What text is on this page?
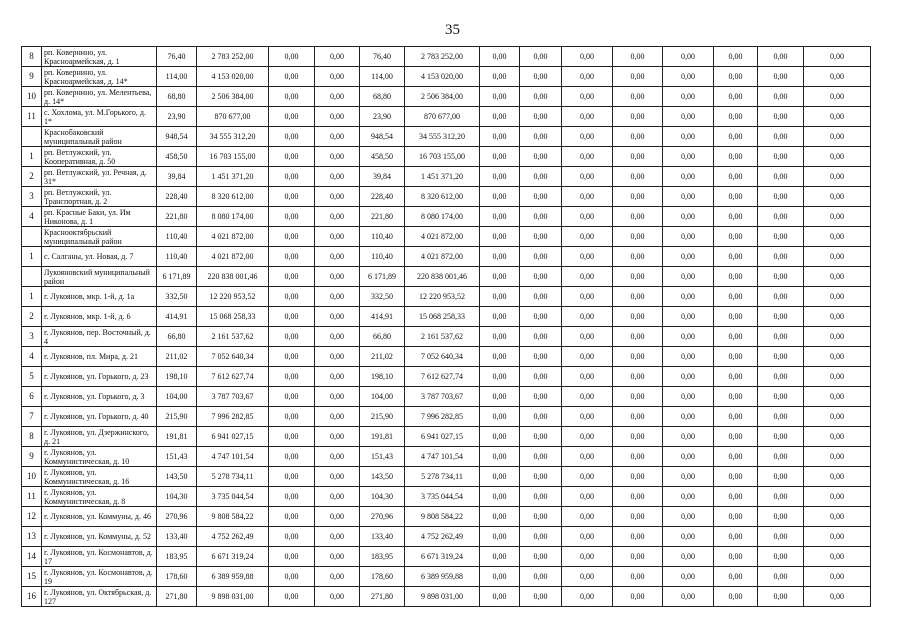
35
8	рп. Ковернино, ул. Красноармейская, д. 1	76,40	2 783 252,00	0,00	0,00	76,40	2 783 252,00	0,00	0,00	0,00	0,00	0,00	0,00	0,00	0,00
9	рп. Ковернино, ул. Красноармейская, д. 14*	114,00	4 153 020,00	0,00	0,00	114,00	4 153 020,00	0,00	0,00	0,00	0,00	0,00	0,00	0,00	0,00
10	рп. Ковернино, ул. Мелентьева, д. 14*	68,80	2 506 384,00	0,00	0,00	68,80	2 506 384,00	0,00	0,00	0,00	0,00	0,00	0,00	0,00	0,00
11	с. Хохлома, ул. М.Горького, д. 1*	23,90	870 677,00	0,00	0,00	23,90	870 677,00	0,00	0,00	0,00	0,00	0,00	0,00	0,00	0,00
	Краснобаковский муниципальный район	948,54	34 555 312,20	0,00	0,00	948,54	34 555 312,20	0,00	0,00	0,00	0,00	0,00	0,00	0,00	0,00
1	рп. Ветлужский, ул. Кооперативная, д. 50	458,50	16 703 155,00	0,00	0,00	458,50	16 703 155,00	0,00	0,00	0,00	0,00	0,00	0,00	0,00	0,00
2	рп. Ветлужский, ул. Речная, д. 31*	39,84	1 451 371,20	0,00	0,00	39,84	1 451 371,20	0,00	0,00	0,00	0,00	0,00	0,00	0,00	0,00
3	рп. Ветлужский, ул. Транспортная, д. 2	228,40	8 320 612,00	0,00	0,00	228,40	8 320 612,00	0,00	0,00	0,00	0,00	0,00	0,00	0,00	0,00
4	рп. Красные Баки, ул. Им Никонова, д. 1	221,80	8 080 174,00	0,00	0,00	221,80	8 080 174,00	0,00	0,00	0,00	0,00	0,00	0,00	0,00	0,00
	Краснооктябрьский муниципальный район	110,40	4 021 872,00	0,00	0,00	110,40	4 021 872,00	0,00	0,00	0,00	0,00	0,00	0,00	0,00	0,00
1	с. Салганы, ул. Новая, д. 7	110,40	4 021 872,00	0,00	0,00	110,40	4 021 872,00	0,00	0,00	0,00	0,00	0,00	0,00	0,00	0,00
	Лукояновский муниципальный район	6 171,89	220 838 001,46	0,00	0,00	6 171,89	220 838 001,46	0,00	0,00	0,00	0,00	0,00	0,00	0,00	0,00
1	г. Лукоянов, мкр. 1-й, д. 1а	332,50	12 220 953,52	0,00	0,00	332,50	12 220 953,52	0,00	0,00	0,00	0,00	0,00	0,00	0,00	0,00
2	г. Лукоянов, мкр. 1-й, д. 6	414,91	15 068 258,33	0,00	0,00	414,91	15 068 258,33	0,00	0,00	0,00	0,00	0,00	0,00	0,00	0,00
3	г. Лукоянов, пер. Восточный, д. 4	66,80	2 161 537,62	0,00	0,00	66,80	2 161 537,62	0,00	0,00	0,00	0,00	0,00	0,00	0,00	0,00
4	г. Лукоянов, пл. Мира, д. 21	211,02	7 052 640,34	0,00	0,00	211,02	7 052 640,34	0,00	0,00	0,00	0,00	0,00	0,00	0,00	0,00
5	г. Лукоянов, ул. Горького, д. 23	198,10	7 612 627,74	0,00	0,00	198,10	7 612 627,74	0,00	0,00	0,00	0,00	0,00	0,00	0,00	0,00
6	г. Лукоянов, ул. Горького, д. 3	104,00	3 787 703,67	0,00	0,00	104,00	3 787 703,67	0,00	0,00	0,00	0,00	0,00	0,00	0,00	0,00
7	г. Лукоянов, ул. Горького, д. 40	215,90	7 996 282,85	0,00	0,00	215,90	7 996 282,85	0,00	0,00	0,00	0,00	0,00	0,00	0,00	0,00
8	г. Лукоянов, ул. Дзержинского, д. 21	191,81	6 941 027,15	0,00	0,00	191,81	6 941 027,15	0,00	0,00	0,00	0,00	0,00	0,00	0,00	0,00
9	г. Лукоянов, ул. Коммунистическая, д. 10	151,43	4 747 101,54	0,00	0,00	151,43	4 747 101,54	0,00	0,00	0,00	0,00	0,00	0,00	0,00	0,00
10	г. Лукоянов, ул. Коммунистическая, д. 16	143,50	5 278 734,11	0,00	0,00	143,50	5 278 734,11	0,00	0,00	0,00	0,00	0,00	0,00	0,00	0,00
11	г. Лукоянов, ул. Коммунистическая, д. 8	104,30	3 735 044,54	0,00	0,00	104,30	3 735 044,54	0,00	0,00	0,00	0,00	0,00	0,00	0,00	0,00
12	г. Лукоянов, ул. Коммуны, д. 46	270,96	9 808 584,22	0,00	0,00	270,96	9 808 584,22	0,00	0,00	0,00	0,00	0,00	0,00	0,00	0,00
13	г. Лукоянов, ул. Коммуны, д. 52	133,40	4 752 262,49	0,00	0,00	133,40	4 752 262,49	0,00	0,00	0,00	0,00	0,00	0,00	0,00	0,00
14	г. Лукоянов, ул. Космонавтов, д. 17	183,95	6 671 319,24	0,00	0,00	183,95	6 671 319,24	0,00	0,00	0,00	0,00	0,00	0,00	0,00	0,00
15	г. Лукоянов, ул. Космонавтов, д. 19	178,60	6 389 959,88	0,00	0,00	178,60	6 389 959,88	0,00	0,00	0,00	0,00	0,00	0,00	0,00	0,00
16	г. Лукоянов, ул. Октябрьская, д. 127	271,80	9 898 031,00	0,00	0,00	271,80	9 898 031,00	0,00	0,00	0,00	0,00	0,00	0,00	0,00	0,00
